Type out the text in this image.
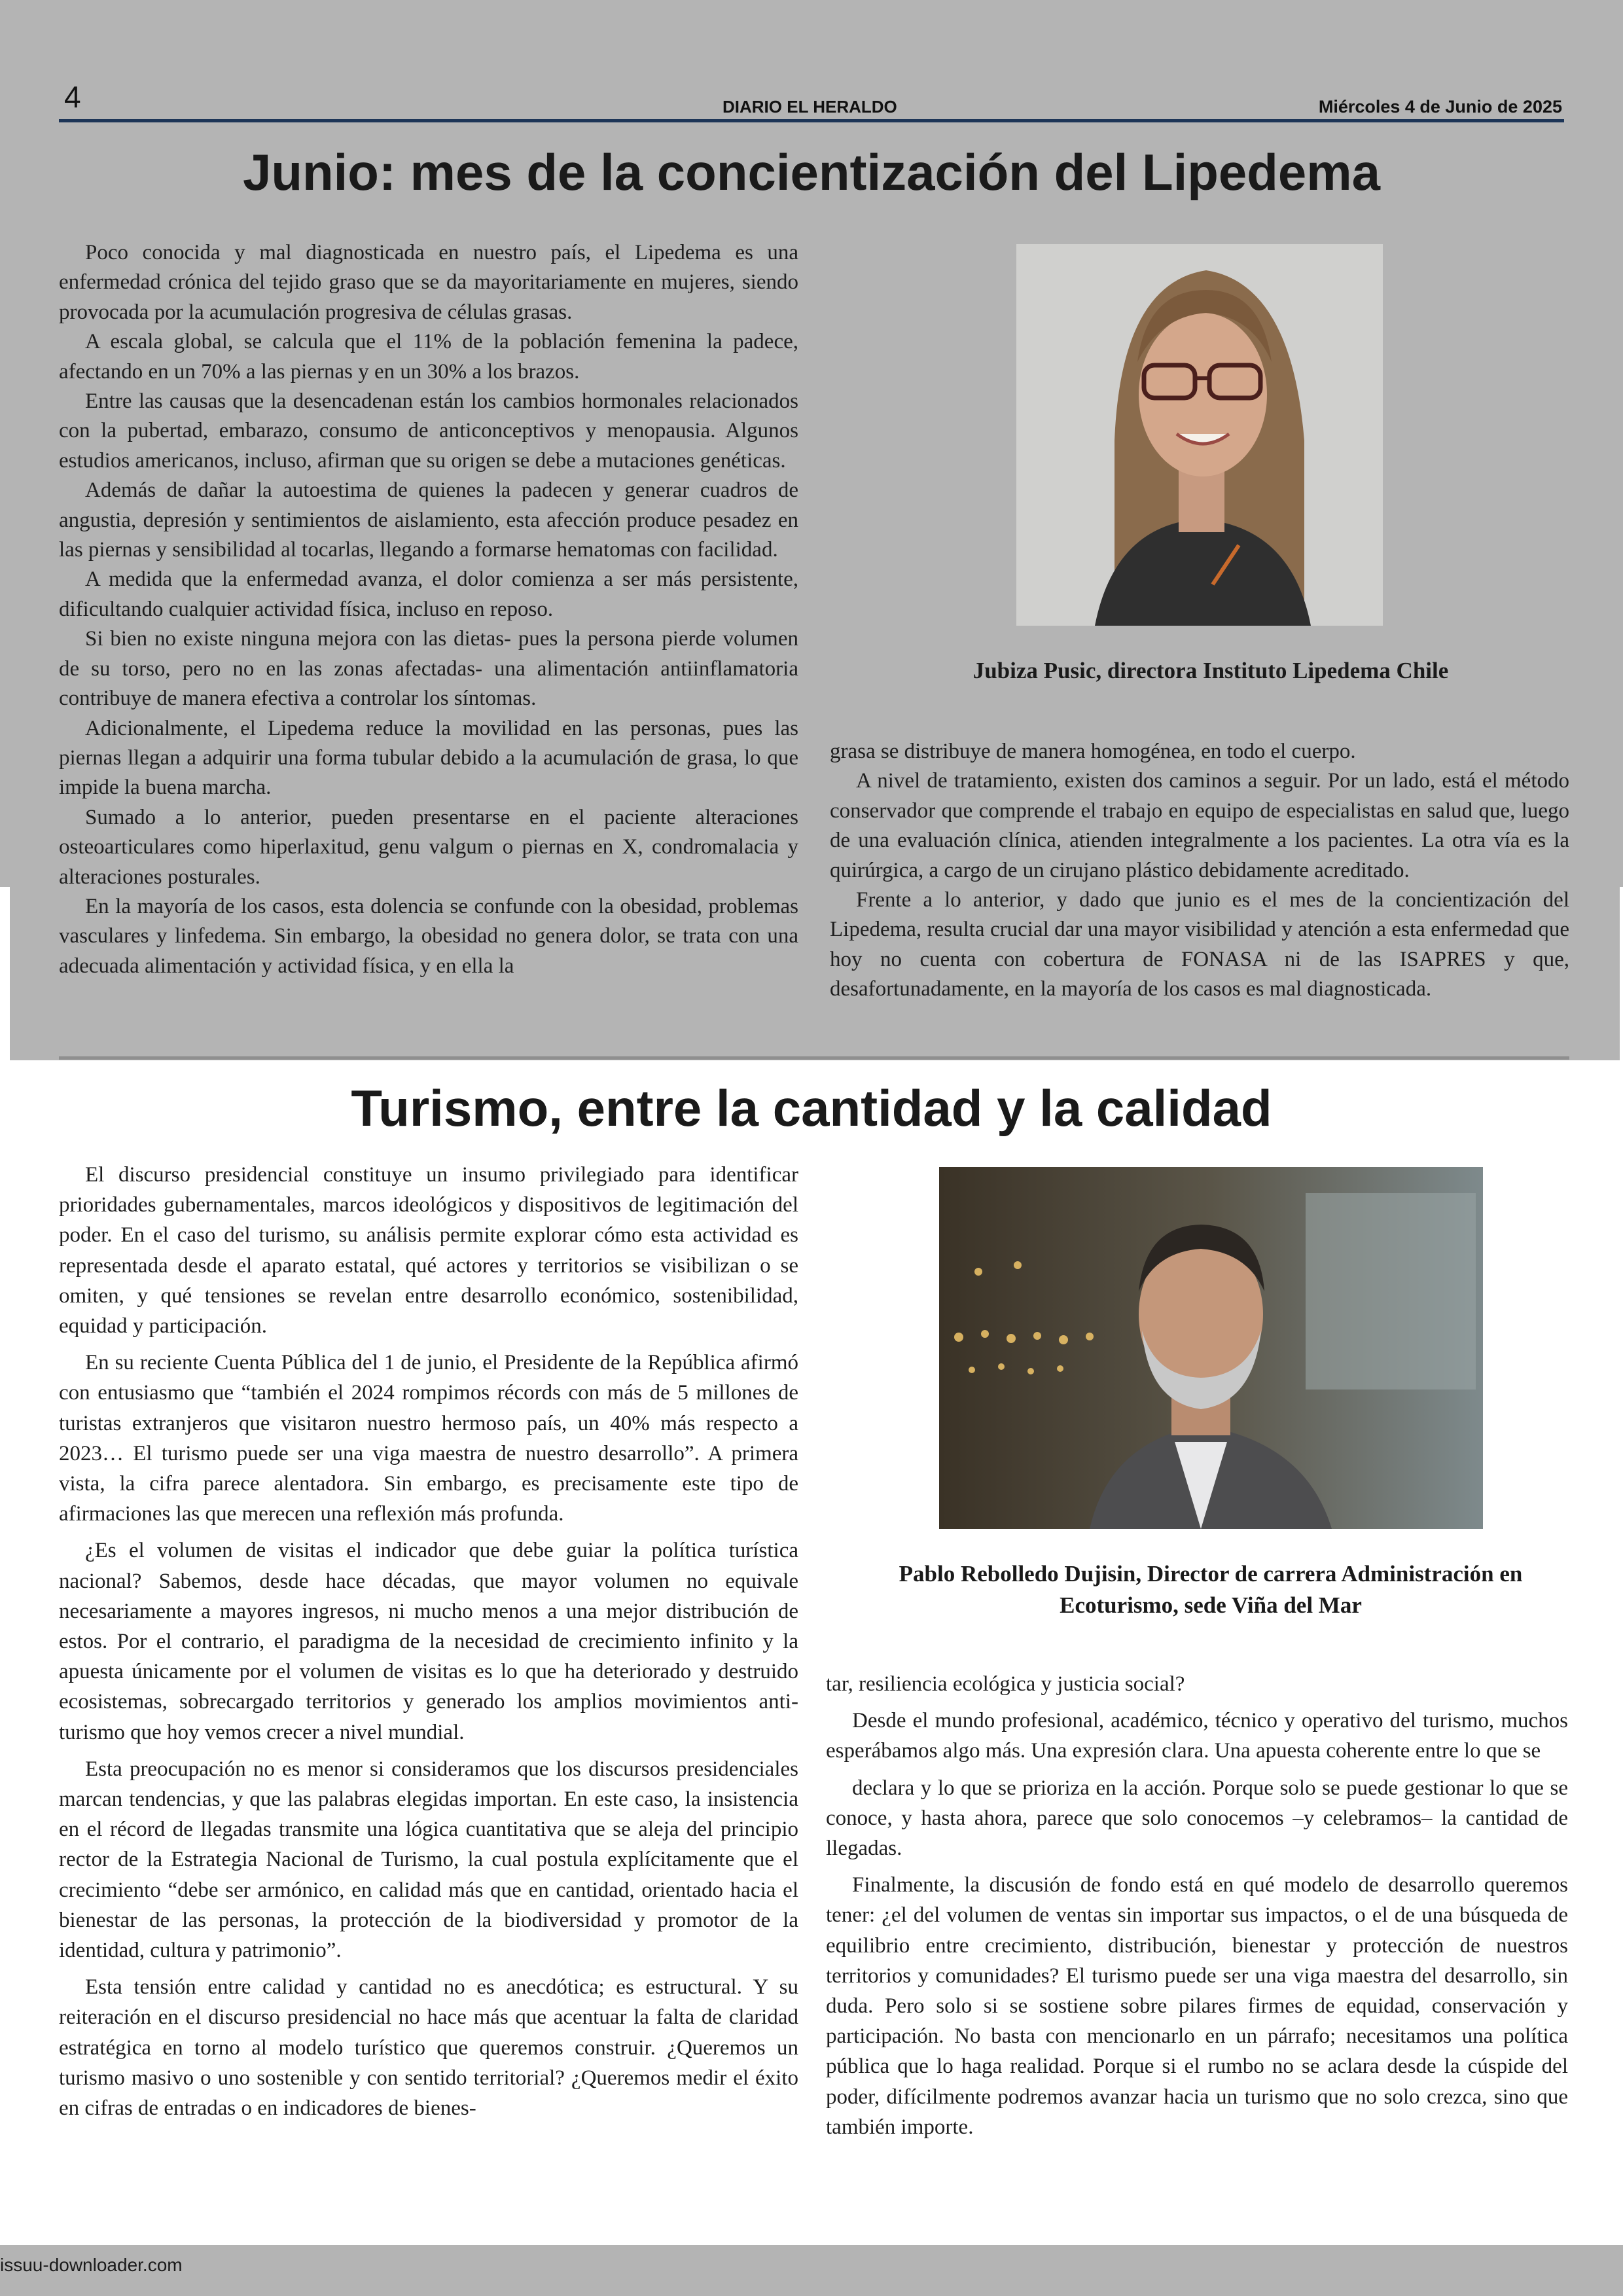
issuu-downloader.com
4	DIARIO EL HERALDO	Miércoles 4 de Junio de 2025
Junio: mes de la concientización del Lipedema

Poco conocida y mal diagnosticada en nuestro país, el Lipedema es una enfermedad crónica del tejido graso que se da mayoritariamente en mujeres, siendo provocada por la acumulación progresiva de células grasas.

A escala global, se calcula que el 11% de la población femenina la padece, afectando en un 70% a las piernas y en un 30% a los brazos.

Entre las causas que la desencadenan están los cambios hormonales relacionados con la pubertad, embarazo, consumo de anticonceptivos y menopausia. Algunos estudios americanos, incluso, afirman que su origen se debe a mutaciones genéticas.

Además de dañar la autoestima de quienes la padecen y generar cuadros de angustia, depresión y sentimientos de aislamiento, esta afección produce pesadez en las piernas y sensibilidad al tocarlas, llegando a formarse hematomas con facilidad.

A medida que la enfermedad avanza, el dolor comienza a ser más persistente, dificultando cualquier actividad física, incluso en reposo.

Si bien no existe ninguna mejora con las dietas- pues la persona pierde volumen de su torso, pero no en las zonas afectadas- una alimentación antiinflamatoria contribuye de manera efectiva a controlar los síntomas.

Adicionalmente, el Lipedema reduce la movilidad en las personas, pues las piernas llegan a adquirir una forma tubular debido a la acumulación de grasa, lo que impide la buena marcha.

Sumado a lo anterior, pueden presentarse en el paciente alteraciones osteoarticulares como hiperlaxitud, genu valgum o piernas en X, condromalacia y alteraciones posturales.

En la mayoría de los casos, esta dolencia se confunde con la obesidad, problemas vasculares y linfedema. Sin embargo, la obesidad no genera dolor, se trata con una adecuada alimentación y actividad física, y en ella la

Jubiza Pusic, directora Instituto Lipedema Chile

grasa se distribuye de manera homogénea, en todo el cuerpo.

A nivel de tratamiento, existen dos caminos a seguir. Por un lado, está el método conservador que comprende el trabajo en equipo de especialistas en salud que, luego de una evaluación clínica, atienden integralmente a los pacientes. La otra vía es la quirúrgica, a cargo de un cirujano plástico debidamente acreditado.

Frente a lo anterior, y dado que junio es el mes de la concientización del Lipedema, resulta crucial dar una mayor visibilidad y atención a esta enfermedad que hoy no cuenta con cobertura de FONASA ni de las ISAPRES y que, desafortunadamente, en la mayoría de los casos es mal diagnosticada.

Turismo, entre la cantidad y la calidad

El discurso presidencial constituye un insumo privilegiado para identificar prioridades gubernamentales, marcos ideológicos y dispositivos de legitimación del poder. En el caso del turismo, su análisis permite explorar cómo esta actividad es representada desde el aparato estatal, qué actores y territorios se visibilizan o se omiten, y qué tensiones se revelan entre desarrollo económico, sostenibilidad, equidad y participación.

En su reciente Cuenta Pública del 1 de junio, el Presidente de la República afirmó con entusiasmo que “también el 2024 rompimos récords con más de 5 millones de turistas extranjeros que visitaron nuestro hermoso país, un 40% más respecto a 2023… El turismo puede ser una viga maestra de nuestro desarrollo”. A primera vista, la cifra parece alentadora. Sin embargo, es precisamente este tipo de afirmaciones las que merecen una reflexión más profunda.

¿Es el volumen de visitas el indicador que debe guiar la política turística nacional? Sabemos, desde hace décadas, que mayor volumen no equivale necesariamente a mayores ingresos, ni mucho menos a una mejor distribución de estos. Por el contrario, el paradigma de la necesidad de crecimiento infinito y la apuesta únicamente por el volumen de visitas es lo que ha deteriorado y destruido ecosistemas, sobrecargado territorios y generado los amplios movimientos anti-turismo que hoy vemos crecer a nivel mundial.

Esta preocupación no es menor si consideramos que los discursos presidenciales marcan tendencias, y que las palabras elegidas importan. En este caso, la insistencia en el récord de llegadas transmite una lógica cuantitativa que se aleja del principio rector de la Estrategia Nacional de Turismo, la cual postula explícitamente que el crecimiento “debe ser armónico, en calidad más que en cantidad, orientado hacia el bienestar de las personas, la protección de la biodiversidad y promotor de la identidad, cultura y patrimonio”.

Esta tensión entre calidad y cantidad no es anecdótica; es estructural. Y su reiteración en el discurso presidencial no hace más que acentuar la falta de claridad estratégica en torno al modelo turístico que queremos construir. ¿Queremos un turismo masivo o uno sostenible y con sentido territorial? ¿Queremos medir el éxito en cifras de entradas o en indicadores de bienes-

Pablo Rebolledo Dujisin, Director de carrera Administración en Ecoturismo, sede Viña del Mar

tar, resiliencia ecológica y justicia social?

Desde el mundo profesional, académico, técnico y operativo del turismo, muchos esperábamos algo más. Una expresión clara. Una apuesta coherente entre lo que se

declara y lo que se prioriza en la acción. Porque solo se puede gestionar lo que se conoce, y hasta ahora, parece que solo conocemos –y celebramos– la cantidad de llegadas.

Finalmente, la discusión de fondo está en qué modelo de desarrollo queremos tener: ¿el del volumen de ventas sin importar sus impactos, o el de una búsqueda de equilibrio entre crecimiento, distribución, bienestar y protección de nuestros territorios y comunidades? El turismo puede ser una viga maestra del desarrollo, sin duda. Pero solo si se sostiene sobre pilares firmes de equidad, conservación y participación. No basta con mencionarlo en un párrafo; necesitamos una política pública que lo haga realidad. Porque si el rumbo no se aclara desde la cúspide del poder, difícilmente podremos avanzar hacia un turismo que no solo crezca, sino que también importe.
